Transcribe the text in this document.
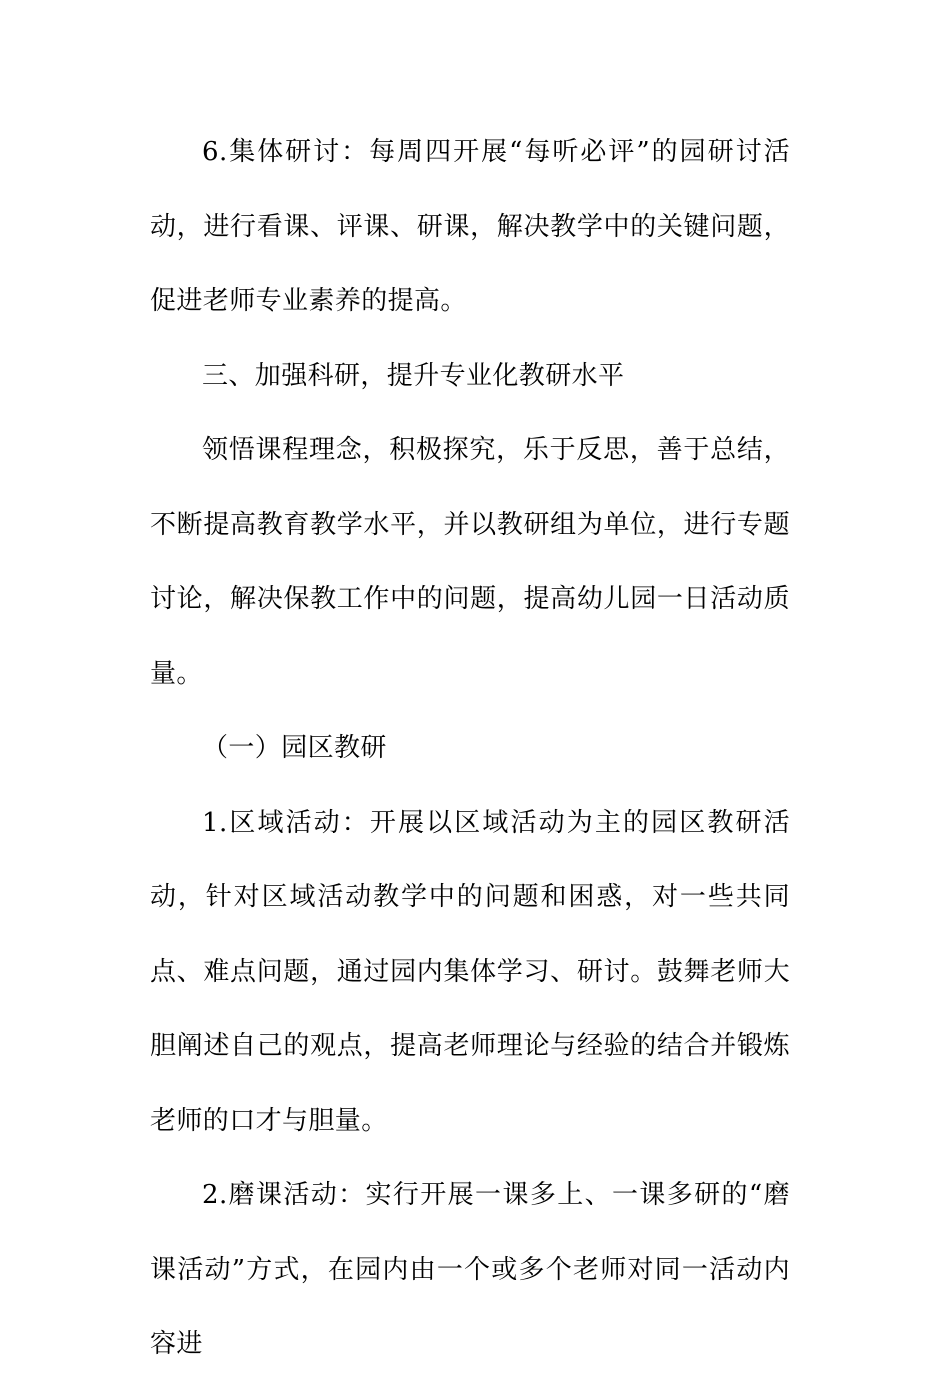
6.集体研讨：每周四开展“每听必评”的园研讨活动，进行看课、评课、研课，解决教学中的关键问题，促进老师专业素养的提高。

三、加强科研，提升专业化教研水平

领悟课程理念，积极探究，乐于反思，善于总结，不断提高教育教学水平，并以教研组为单位，进行专题讨论，解决保教工作中的问题，提高幼儿园一日活动质量。

（一）园区教研

1.区域活动：开展以区域活动为主的园区教研活动，针对区域活动教学中的问题和困惑，对一些共同点、难点问题，通过园内集体学习、研讨。鼓舞老师大胆阐述自己的观点，提高老师理论与经验的结合并锻炼老师的口才与胆量。

2.磨课活动：实行开展一课多上、一课多研的“磨课活动”方式，在园内由一个或多个老师对同一活动内容进
